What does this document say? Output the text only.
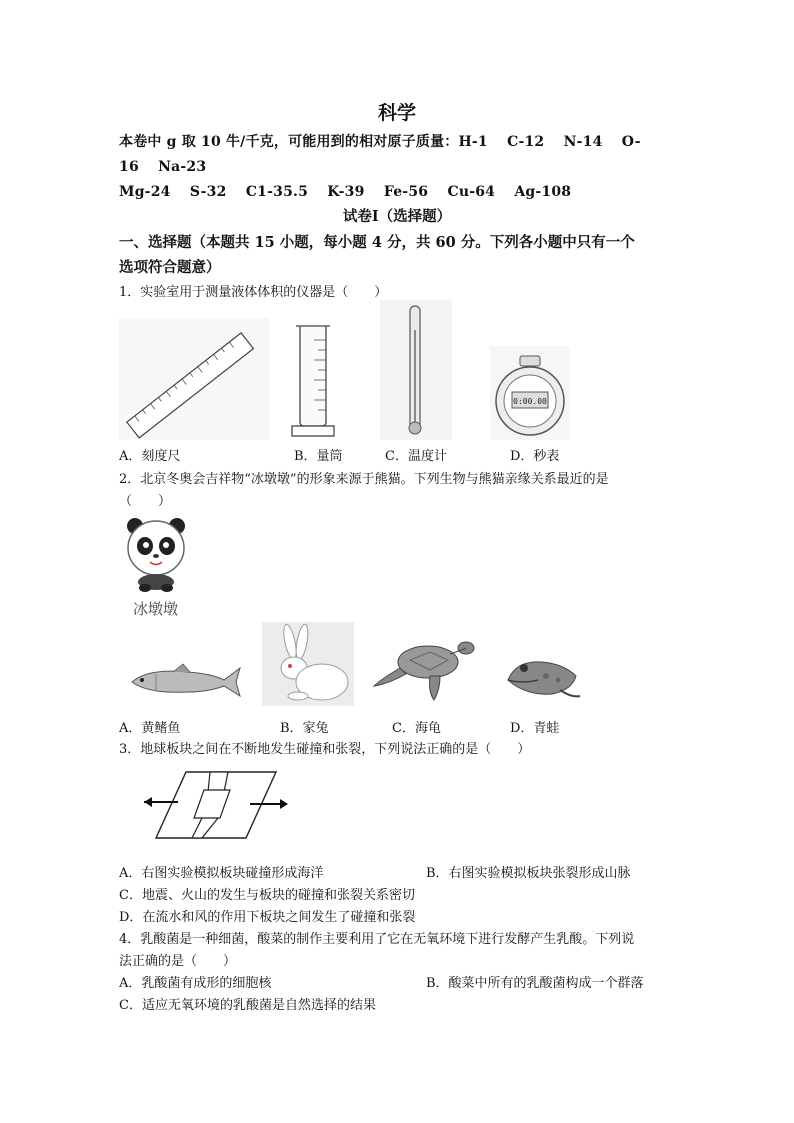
科学
本卷中 g 取 10 牛/千克，可能用到的相对原子质量：H-1　 C-12　 N-14　 O-
16　 Na-23
Mg-24　 S-32　 C1-35.5　 K-39　 Fe-56　 Cu-64　 Ag-108
试卷Ⅰ（选择题）
一、选择题（本题共 15 小题，每小题 4 分，共 60 分。下列各小题中只有一个
选项符合题意）
1．实验室用于测量液体体积的仪器是（　　）
0:00.00
A．刻度尺	B．量筒	C．温度计	D．秒表
2．北京冬奥会吉祥物“冰墩墩”的形象来源于熊猫。下列生物与熊猫亲缘关系最近的是
（　　）
冰墩墩
A．黄鳍鱼	B．家兔	C．海龟	D．青蛙
3．地球板块之间在不断地发生碰撞和张裂，下列说法正确的是（　　）
A．右图实验模拟板块碰撞形成海洋	B．右图实验模拟板块张裂形成山脉
C．地震、火山的发生与板块的碰撞和张裂关系密切
D．在流水和风的作用下板块之间发生了碰撞和张裂
4．乳酸菌是一种细菌，酸菜的制作主要利用了它在无氧环境下进行发酵产生乳酸。下列说
法正确的是（　　）
A．乳酸菌有成形的细胞核	B．酸菜中所有的乳酸菌构成一个群落
C．适应无氧环境的乳酸菌是自然选择的结果
